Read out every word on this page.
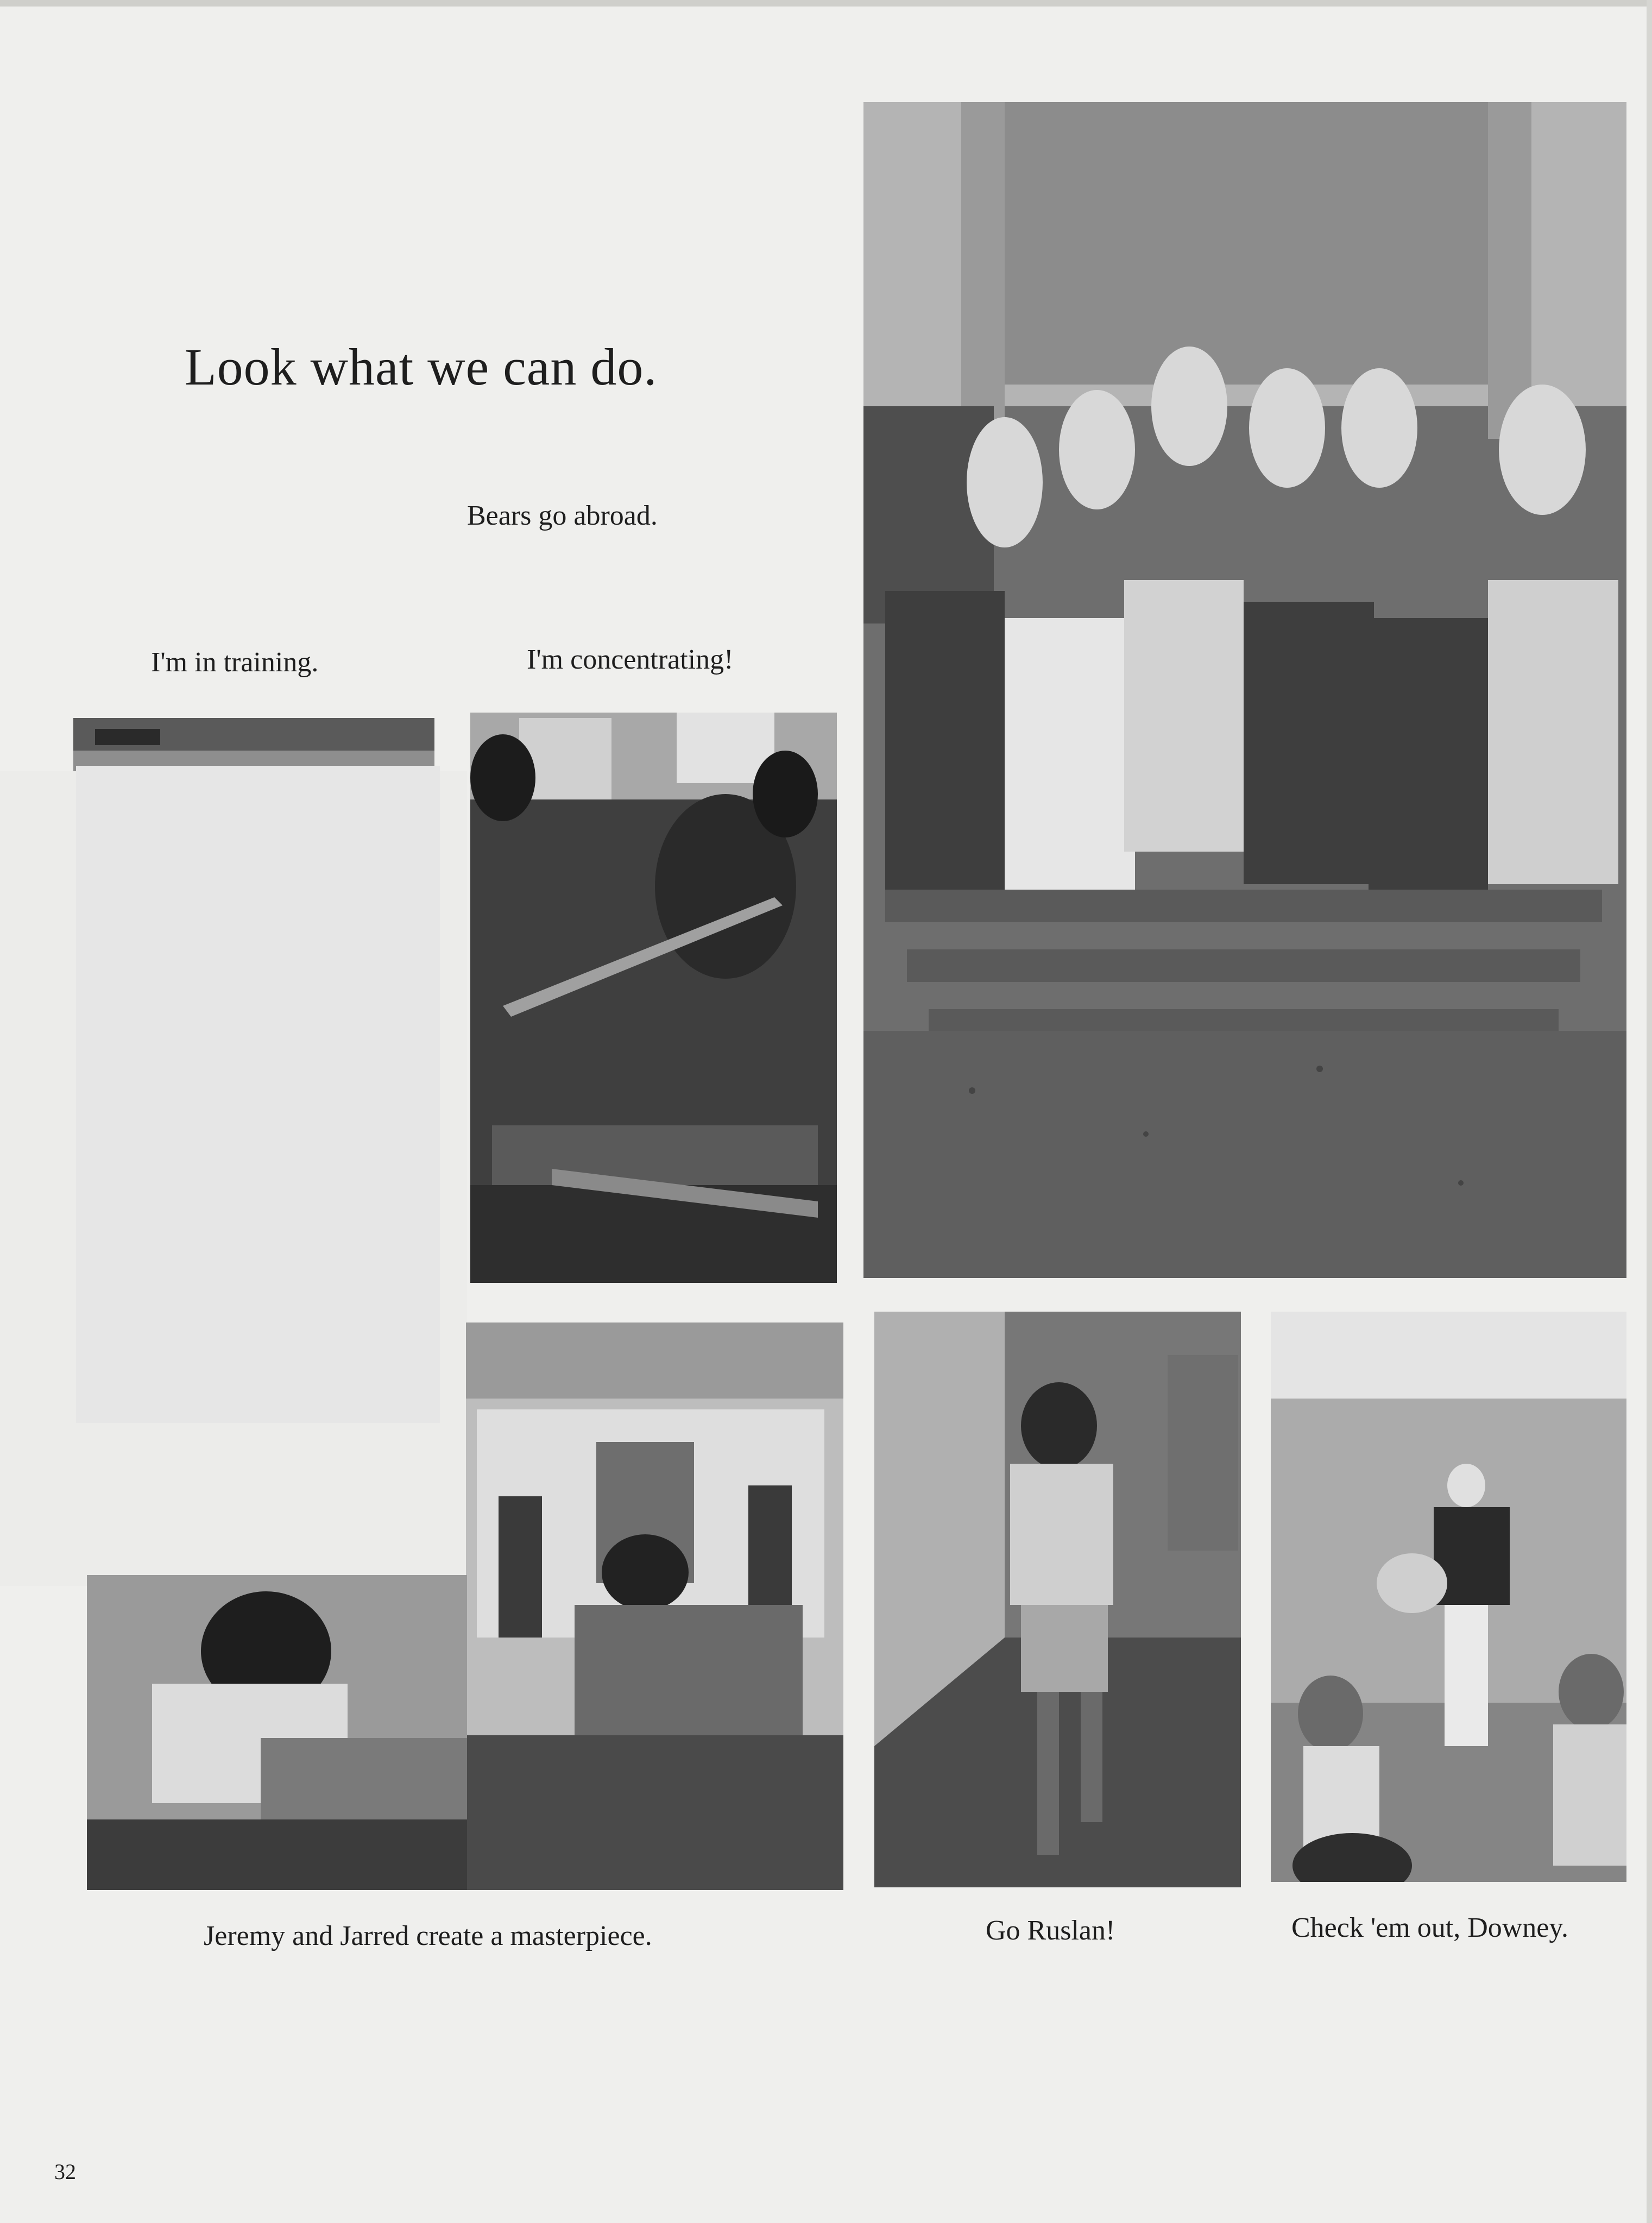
Look what we can do.
Bears go abroad.
I'm in training.	I'm concentrating!
Jeremy and Jarred create a masterpiece.	Go Ruslan!	Check 'em out, Downey.
32
